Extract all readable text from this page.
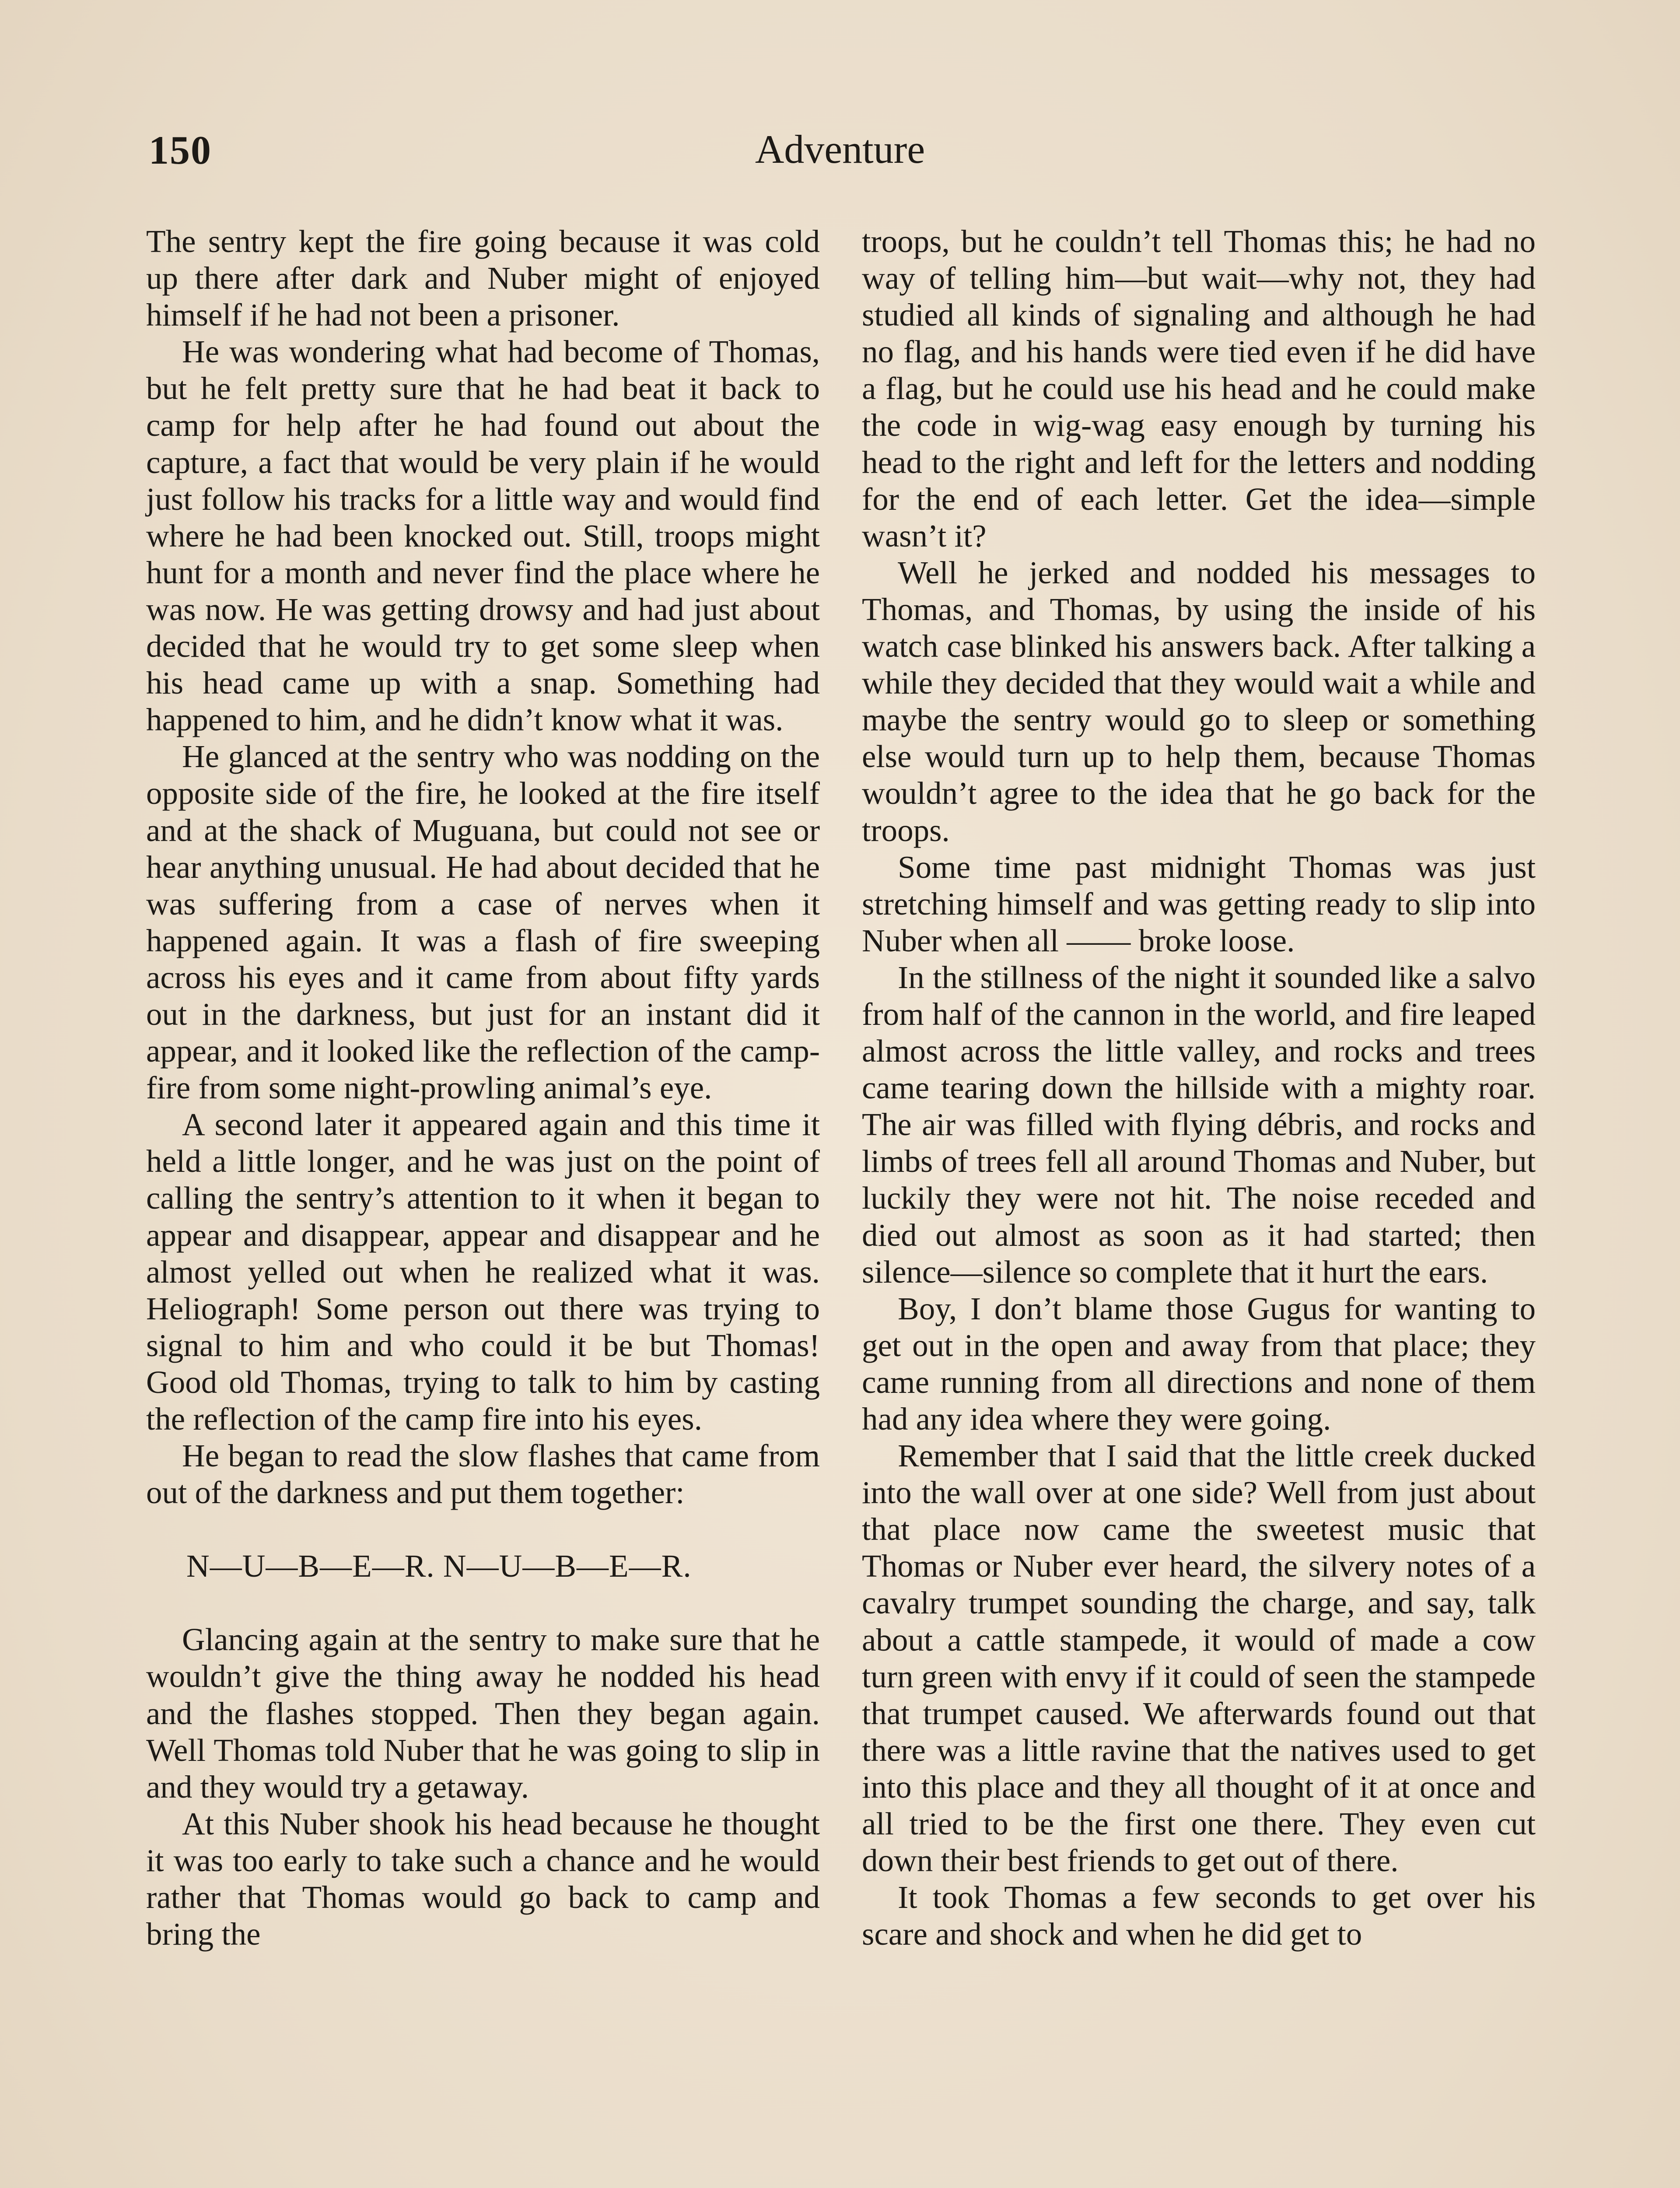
150	Adventure

The sentry kept the fire going because it was cold up there after dark and Nuber might of enjoyed himself if he had not been a prisoner.

He was wondering what had become of Thomas, but he felt pretty sure that he had beat it back to camp for help after he had found out about the capture, a fact that would be very plain if he would just follow his tracks for a little way and would find where he had been knocked out. Still, troops might hunt for a month and never find the place where he was now. He was getting drowsy and had just about decided that he would try to get some sleep when his head came up with a snap. Something had happened to him, and he didn’t know what it was.

He glanced at the sentry who was nodding on the opposite side of the fire, he looked at the fire itself and at the shack of Muguana, but could not see or hear anything unusual. He had about decided that he was suffering from a case of nerves when it happened again. It was a flash of fire sweeping across his eyes and it came from about fifty yards out in the darkness, but just for an instant did it appear, and it looked like the reflection of the camp-fire from some night-prowling animal’s eye.

A second later it appeared again and this time it held a little longer, and he was just on the point of calling the sentry’s attention to it when it began to appear and disappear, appear and disappear and he almost yelled out when he realized what it was. Heliograph! Some person out there was trying to signal to him and who could it be but Thomas! Good old Thomas, trying to talk to him by casting the reflection of the camp fire into his eyes.

He began to read the slow flashes that came from out of the darkness and put them together:

N—U—B—E—R. N—U—B—E—R.

Glancing again at the sentry to make sure that he wouldn’t give the thing away he nodded his head and the flashes stopped. Then they began again. Well Thomas told Nuber that he was going to slip in and they would try a getaway.

At this Nuber shook his head because he thought it was too early to take such a chance and he would rather that Thomas would go back to camp and bring the

troops, but he couldn’t tell Thomas this; he had no way of telling him—but wait—why not, they had studied all kinds of signaling and although he had no flag, and his hands were tied even if he did have a flag, but he could use his head and he could make the code in wig-wag easy enough by turning his head to the right and left for the letters and nodding for the end of each letter. Get the idea—simple wasn’t it?

Well he jerked and nodded his messages to Thomas, and Thomas, by using the inside of his watch case blinked his answers back. After talking a while they decided that they would wait a while and maybe the sentry would go to sleep or something else would turn up to help them, because Thomas wouldn’t agree to the idea that he go back for the troops.

Some time past midnight Thomas was just stretching himself and was getting ready to slip into Nuber when all —— broke loose.

In the stillness of the night it sounded like a salvo from half of the cannon in the world, and fire leaped almost across the little valley, and rocks and trees came tearing down the hillside with a mighty roar. The air was filled with flying débris, and rocks and limbs of trees fell all around Thomas and Nuber, but luckily they were not hit. The noise receded and died out almost as soon as it had started; then silence—silence so complete that it hurt the ears.

Boy, I don’t blame those Gugus for wanting to get out in the open and away from that place; they came running from all directions and none of them had any idea where they were going.

Remember that I said that the little creek ducked into the wall over at one side? Well from just about that place now came the sweetest music that Thomas or Nuber ever heard, the silvery notes of a cavalry trumpet sounding the charge, and say, talk about a cattle stampede, it would of made a cow turn green with envy if it could of seen the stampede that trumpet caused. We afterwards found out that there was a little ravine that the natives used to get into this place and they all thought of it at once and all tried to be the first one there. They even cut down their best friends to get out of there.

It took Thomas a few seconds to get over his scare and shock and when he did get to
